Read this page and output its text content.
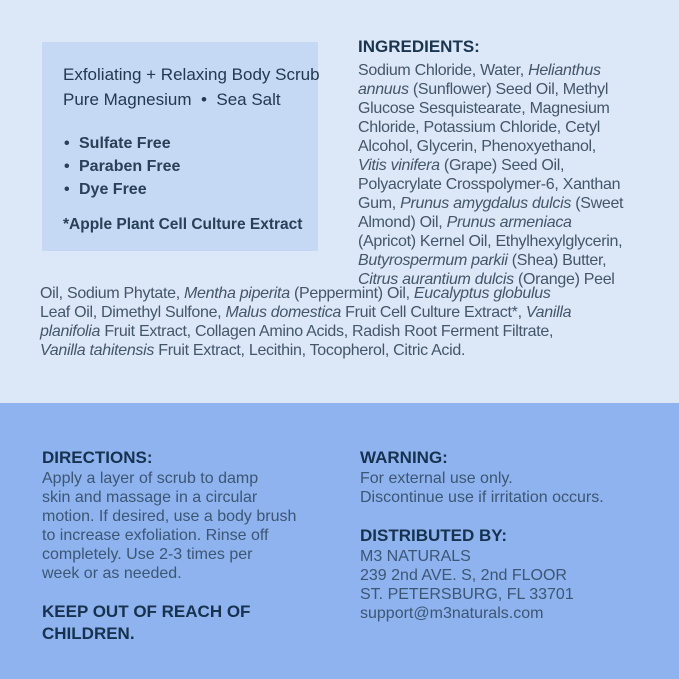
Exfoliating + Relaxing Body Scrub
Pure Magnesium  •  Sea Salt
• Sulfate Free
• Paraben Free
• Dye Free
*Apple Plant Cell Culture Extract
INGREDIENTS:
Sodium Chloride, Water, Helianthus
annuus (Sunflower) Seed Oil, Methyl
Glucose Sesquistearate, Magnesium
Chloride, Potassium Chloride, Cetyl
Alcohol, Glycerin, Phenoxyethanol,
Vitis vinifera (Grape) Seed Oil,
Polyacrylate Crosspolymer-6, Xanthan
Gum, Prunus amygdalus dulcis (Sweet
Almond) Oil, Prunus armeniaca
(Apricot) Kernel Oil, Ethylhexylglycerin,
Butyrospermum parkii (Shea) Butter,
Citrus aurantium dulcis (Orange) Peel
Oil, Sodium Phytate, Mentha piperita (Peppermint) Oil, Eucalyptus globulus
Leaf Oil, Dimethyl Sulfone, Malus domestica Fruit Cell Culture Extract*, Vanilla
planifolia Fruit Extract, Collagen Amino Acids, Radish Root Ferment Filtrate,
Vanilla tahitensis Fruit Extract, Lecithin, Tocopherol, Citric Acid.
DIRECTIONS:
Apply a layer of scrub to damp
skin and massage in a circular
motion. If desired, use a body brush
to increase exfoliation. Rinse off
completely. Use 2-3 times per
week or as needed.
KEEP OUT OF REACH OF
CHILDREN.
WARNING:
For external use only.
Discontinue use if irritation occurs.
DISTRIBUTED BY:
M3 NATURALS
239 2nd AVE. S, 2nd FLOOR
ST. PETERSBURG, FL 33701
support@m3naturals.com
